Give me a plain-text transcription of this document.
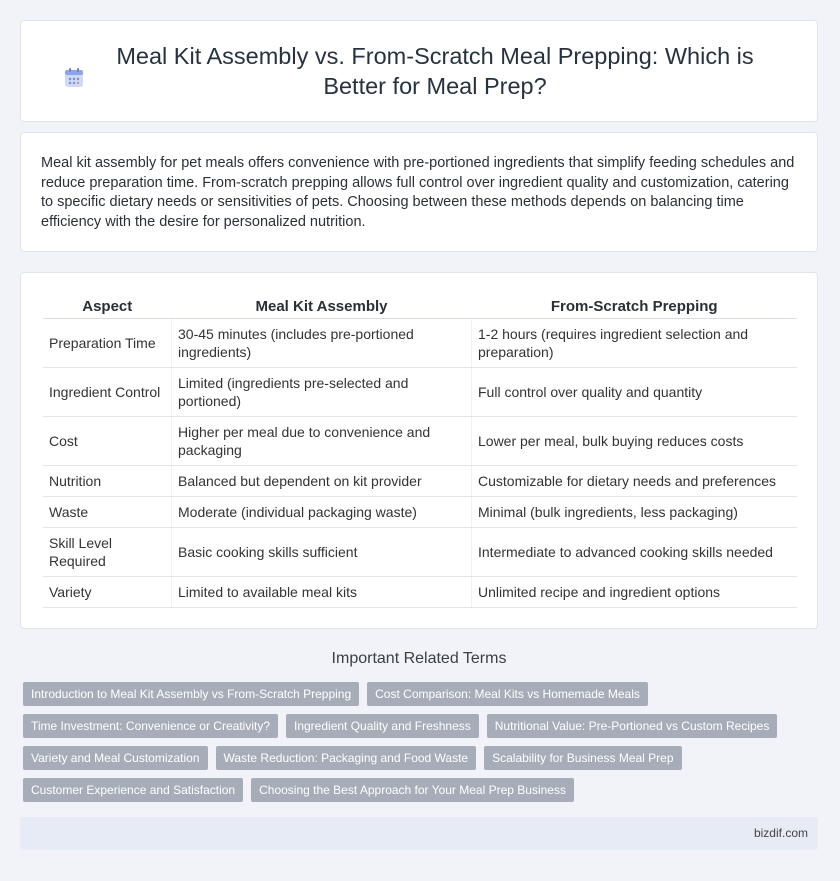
Meal Kit Assembly vs. From-Scratch Meal Prepping: Which is Better for Meal Prep?

Meal kit assembly for pet meals offers convenience with pre-portioned ingredients that simplify feeding schedules and reduce preparation time. From-scratch prepping allows full control over ingredient quality and customization, catering to specific dietary needs or sensitivities of pets. Choosing between these methods depends on balancing time efficiency with the desire for personalized nutrition.

Aspect	Meal Kit Assembly	From-Scratch Prepping
Preparation Time	30-45 minutes (includes pre-portioned ingredients)	1-2 hours (requires ingredient selection and preparation)
Ingredient Control	Limited (ingredients pre-selected and portioned)	Full control over quality and quantity
Cost	Higher per meal due to convenience and packaging	Lower per meal, bulk buying reduces costs
Nutrition	Balanced but dependent on kit provider	Customizable for dietary needs and preferences
Waste	Moderate (individual packaging waste)	Minimal (bulk ingredients, less packaging)
Skill Level Required	Basic cooking skills sufficient	Intermediate to advanced cooking skills needed
Variety	Limited to available meal kits	Unlimited recipe and ingredient options
Important Related Terms
Introduction to Meal Kit Assembly vs From-Scratch Prepping	Cost Comparison: Meal Kits vs Homemade Meals
Time Investment: Convenience or Creativity?	Ingredient Quality and Freshness	Nutritional Value: Pre-Portioned vs Custom Recipes
Variety and Meal Customization	Waste Reduction: Packaging and Food Waste	Scalability for Business Meal Prep
Customer Experience and Satisfaction	Choosing the Best Approach for Your Meal Prep Business
bizdif.com
